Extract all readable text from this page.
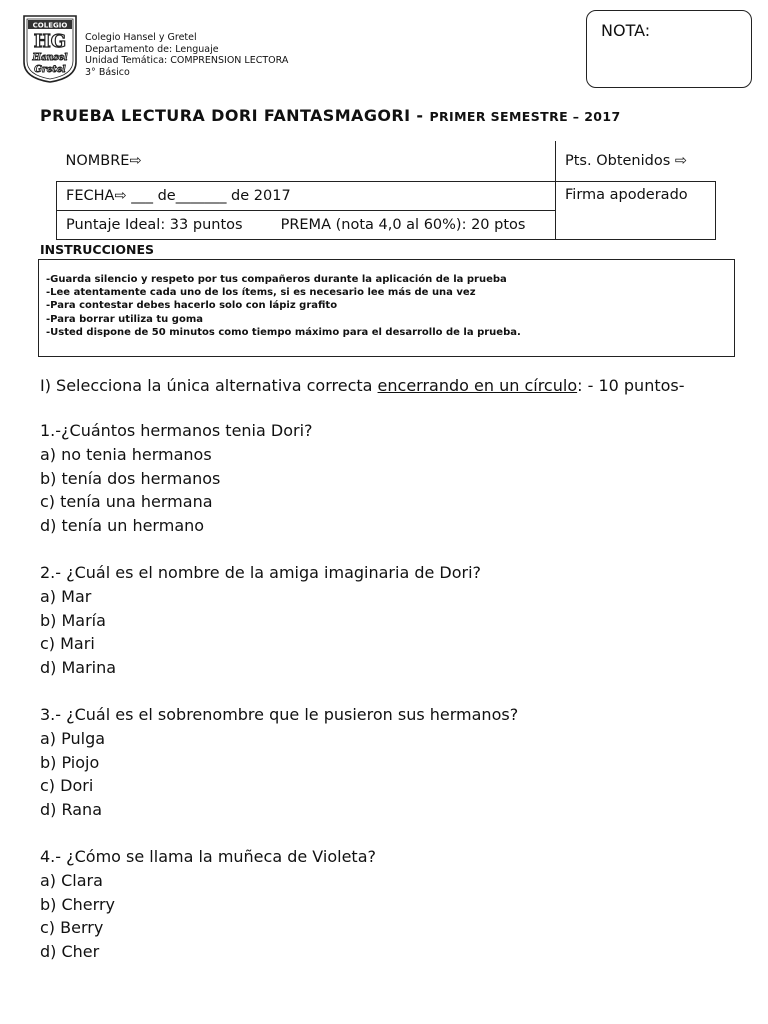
COLEGIO
HG
Hansel
Gretel
Colegio Hansel y Gretel
Departamento de: Lenguaje
Unidad Temática: COMPRENSION LECTORA
3° Básico
NOTA:
PRUEBA LECTURA DORI FANTASMAGORI - PRIMER SEMESTRE – 2017
NOMBRE⇨	Pts. Obtenidos ⇨
FECHA⇨ ___ de_______ de 2017	Firma apoderado
Puntaje Ideal: 33 puntos PREMA (nota 4,0 al 60%): 20 ptos	
INSTRUCCIONES
-Guarda silencio y respeto por tus compañeros durante la aplicación de la prueba
-Lee atentamente cada uno de los ítems, si es necesario lee más de una vez
-Para contestar debes hacerlo solo con lápiz grafito
-Para borrar utiliza tu goma
-Usted dispone de 50 minutos como tiempo máximo para el desarrollo de la prueba.
I) Selecciona la única alternativa correcta encerrando en un círculo: - 10 puntos-
1.-¿Cuántos hermanos tenia Dori?
a) no tenia hermanos
b) tenía dos hermanos
c) tenía una hermana
d) tenía un hermano
2.- ¿Cuál es el nombre de la amiga imaginaria de Dori?
a) Mar
b) María
c) Mari
d) Marina
3.- ¿Cuál es el sobrenombre que le pusieron sus hermanos?
a) Pulga
b) Piojo
c) Dori
d) Rana
4.- ¿Cómo se llama la muñeca de Violeta?
a) Clara
b) Cherry
c) Berry
d) Cher
